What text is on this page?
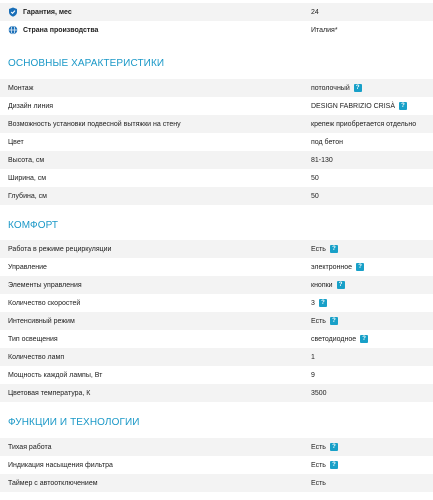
Гарантия, мес	24
Страна производства	Италия*
ОСНОВНЫЕ ХАРАКТЕРИСТИКИ
Монтаж	потолочный	?
Дизайн линия	DESIGN FABRIZIO CRISÀ	?
Возможность установки подвесной вытяжки на стену	крепеж приобретается отдельно
Цвет	под бетон
Высота, см	81-130
Ширина, см	50
Глубина, см	50
КОМФОРТ
Работа в режиме рециркуляции	Есть	?
Управление	электронное	?
Элементы управления	кнопки	?
Количество скоростей	3	?
Интенсивный режим	Есть	?
Тип освещения	светодиодное	?
Количество ламп	1
Мощность каждой лампы, Вт	9
Цветовая температура, К	3500
ФУНКЦИИ И ТЕХНОЛОГИИ
Тихая работа	Есть	?
Индикация насыщения фильтра	Есть	?
Таймер с автоотключением	Есть
